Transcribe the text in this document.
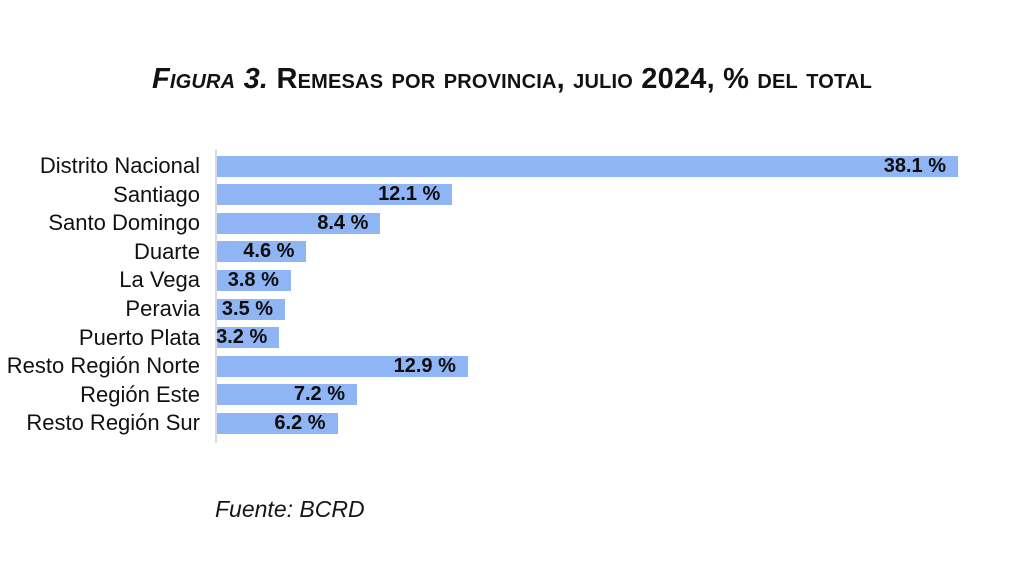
Figura 3. Remesas por provincia, julio 2024, % del total
Distrito Nacional	38.1 %
Santiago	12.1 %
Santo Domingo	8.4 %
Duarte 4.6 %
La Vega 3.8 %
Peravia 3.5 %
Puerto Plata 3.2 %
Resto Región Norte	12.9 %
Región Este	7.2 %
Resto Región Sur	6.2 %
Fuente: BCRD
